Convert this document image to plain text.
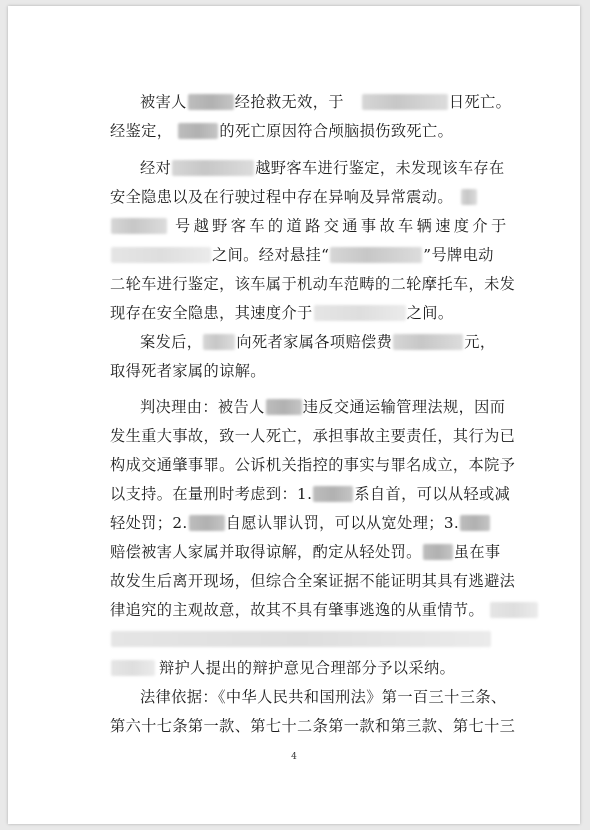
被害人	经抢救无效，于	日死亡。
经鉴定，	的死亡原因符合颅脑损伤致死亡。
经对	越野客车进行鉴定，未发现该车存在
安全隐患以及在行驶过程中存在异响及异常震动。
号越野客车的道路交通事故车辆速度介于
之间。经对悬挂“	”号牌电动
二轮车进行鉴定，该车属于机动车范畴的二轮摩托车，未发
现存在安全隐患，其速度介于	之间。
案发后， 向死者家属各项赔偿费	元，
取得死者家属的谅解。
判决理由：被告人	违反交通运输管理法规，因而
发生重大事故，致一人死亡，承担事故主要责任，其行为已
构成交通肇事罪。公诉机关指控的事实与罪名成立，本院予
以支持。在量刑时考虑到：1.	系自首，可以从轻或减
轻处罚；2.	自愿认罪认罚，可以从宽处理；3.
赔偿被害人家属并取得谅解，酌定从轻处罚。 虽在事
故发生后离开现场，但综合全案证据不能证明其具有逃避法
律追究的主观故意，故其不具有肇事逃逸的从重情节。
辩护人提出的辩护意见合理部分予以采纳。
法律依据：《中华人民共和国刑法》第一百三十三条、
第六十七条第一款、第七十二条第一款和第三款、第七十三
4
